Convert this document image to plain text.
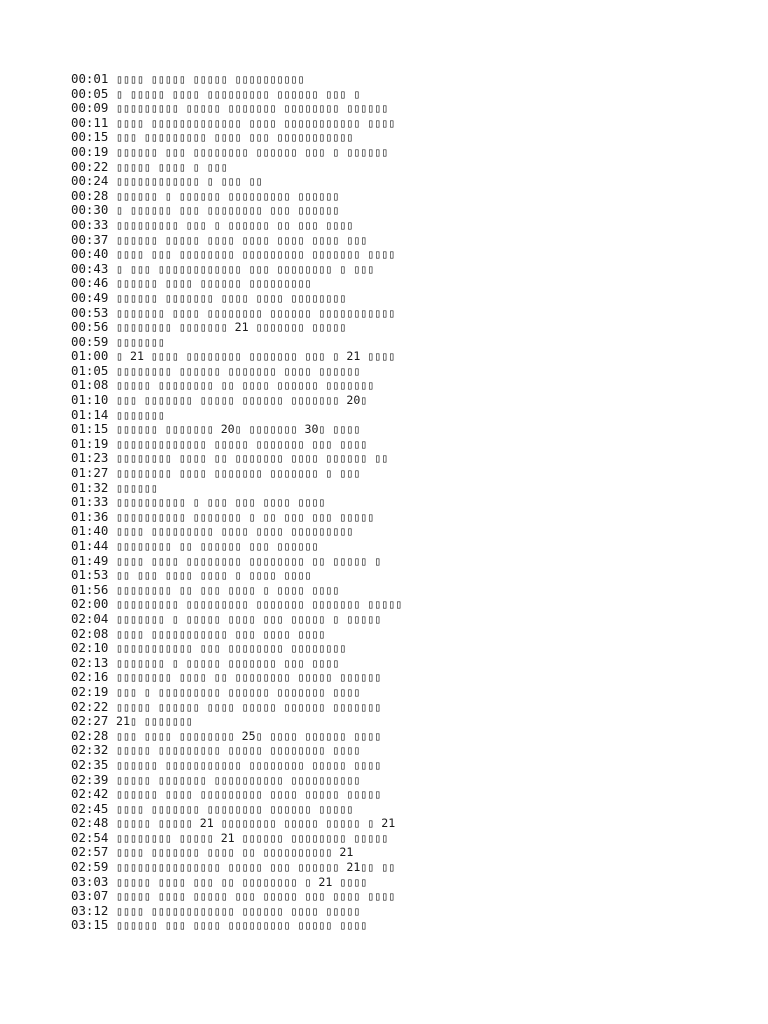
00:01 ▯▯▯▯ ▯▯▯▯▯ ▯▯▯▯▯ ▯▯▯▯▯▯▯▯▯▯
00:05 ▯ ▯▯▯▯▯ ▯▯▯▯ ▯▯▯▯▯▯▯▯▯ ▯▯▯▯▯▯ ▯▯▯ ▯
00:09 ▯▯▯▯▯▯▯▯▯ ▯▯▯▯▯ ▯▯▯▯▯▯▯ ▯▯▯▯▯▯▯▯ ▯▯▯▯▯▯
00:11 ▯▯▯▯ ▯▯▯▯▯▯▯▯▯▯▯▯▯ ▯▯▯▯ ▯▯▯▯▯▯▯▯▯▯▯ ▯▯▯▯
00:15 ▯▯▯ ▯▯▯▯▯▯▯▯▯ ▯▯▯▯ ▯▯▯ ▯▯▯▯▯▯▯▯▯▯▯
00:19 ▯▯▯▯▯▯ ▯▯▯ ▯▯▯▯▯▯▯▯ ▯▯▯▯▯▯ ▯▯▯ ▯ ▯▯▯▯▯▯
00:22 ▯▯▯▯▯ ▯▯▯▯ ▯ ▯▯▯
00:24 ▯▯▯▯▯▯▯▯▯▯▯▯ ▯ ▯▯▯ ▯▯
00:28 ▯▯▯▯▯▯ ▯ ▯▯▯▯▯▯ ▯▯▯▯▯▯▯▯▯ ▯▯▯▯▯▯
00:30 ▯ ▯▯▯▯▯▯ ▯▯▯ ▯▯▯▯▯▯▯▯ ▯▯▯ ▯▯▯▯▯▯
00:33 ▯▯▯▯▯▯▯▯▯ ▯▯▯ ▯ ▯▯▯▯▯▯ ▯▯ ▯▯▯ ▯▯▯▯
00:37 ▯▯▯▯▯▯ ▯▯▯▯▯ ▯▯▯▯ ▯▯▯▯ ▯▯▯▯ ▯▯▯▯ ▯▯▯
00:40 ▯▯▯▯ ▯▯▯ ▯▯▯▯▯▯▯▯ ▯▯▯▯▯▯▯▯▯ ▯▯▯▯▯▯▯ ▯▯▯▯
00:43 ▯ ▯▯▯ ▯▯▯▯▯▯▯▯▯▯▯▯ ▯▯▯ ▯▯▯▯▯▯▯▯ ▯ ▯▯▯
00:46 ▯▯▯▯▯▯ ▯▯▯▯ ▯▯▯▯▯▯ ▯▯▯▯▯▯▯▯▯
00:49 ▯▯▯▯▯▯ ▯▯▯▯▯▯▯ ▯▯▯▯ ▯▯▯▯ ▯▯▯▯▯▯▯▯
00:53 ▯▯▯▯▯▯▯ ▯▯▯▯ ▯▯▯▯▯▯▯▯ ▯▯▯▯▯▯ ▯▯▯▯▯▯▯▯▯▯▯
00:56 ▯▯▯▯▯▯▯▯ ▯▯▯▯▯▯▯ 21 ▯▯▯▯▯▯▯ ▯▯▯▯▯
00:59 ▯▯▯▯▯▯▯
01:00 ▯ 21 ▯▯▯▯ ▯▯▯▯▯▯▯▯ ▯▯▯▯▯▯▯ ▯▯▯ ▯ 21 ▯▯▯▯
01:05 ▯▯▯▯▯▯▯▯ ▯▯▯▯▯▯ ▯▯▯▯▯▯▯ ▯▯▯▯ ▯▯▯▯▯▯
01:08 ▯▯▯▯▯ ▯▯▯▯▯▯▯▯ ▯▯ ▯▯▯▯ ▯▯▯▯▯▯ ▯▯▯▯▯▯▯
01:10 ▯▯▯ ▯▯▯▯▯▯▯ ▯▯▯▯▯ ▯▯▯▯▯▯ ▯▯▯▯▯▯▯ 20▯
01:14 ▯▯▯▯▯▯▯
01:15 ▯▯▯▯▯▯ ▯▯▯▯▯▯▯ 20▯ ▯▯▯▯▯▯▯ 30▯ ▯▯▯▯
01:19 ▯▯▯▯▯▯▯▯▯▯▯▯▯ ▯▯▯▯▯ ▯▯▯▯▯▯▯ ▯▯▯ ▯▯▯▯
01:23 ▯▯▯▯▯▯▯▯ ▯▯▯▯ ▯▯ ▯▯▯▯▯▯▯ ▯▯▯▯ ▯▯▯▯▯▯ ▯▯
01:27 ▯▯▯▯▯▯▯▯ ▯▯▯▯ ▯▯▯▯▯▯▯ ▯▯▯▯▯▯▯ ▯ ▯▯▯
01:32 ▯▯▯▯▯▯
01:33 ▯▯▯▯▯▯▯▯▯▯ ▯ ▯▯▯ ▯▯▯ ▯▯▯▯ ▯▯▯▯
01:36 ▯▯▯▯▯▯▯▯▯▯ ▯▯▯▯▯▯▯ ▯ ▯▯ ▯▯▯ ▯▯▯ ▯▯▯▯▯
01:40 ▯▯▯▯ ▯▯▯▯▯▯▯▯▯ ▯▯▯▯ ▯▯▯▯ ▯▯▯▯▯▯▯▯▯
01:44 ▯▯▯▯▯▯▯▯ ▯▯ ▯▯▯▯▯▯ ▯▯▯ ▯▯▯▯▯▯
01:49 ▯▯▯▯ ▯▯▯▯ ▯▯▯▯▯▯▯▯ ▯▯▯▯▯▯▯▯ ▯▯ ▯▯▯▯▯ ▯
01:53 ▯▯ ▯▯▯ ▯▯▯▯ ▯▯▯▯ ▯ ▯▯▯▯ ▯▯▯▯
01:56 ▯▯▯▯▯▯▯▯ ▯▯ ▯▯▯ ▯▯▯▯ ▯ ▯▯▯▯ ▯▯▯▯
02:00 ▯▯▯▯▯▯▯▯▯ ▯▯▯▯▯▯▯▯▯ ▯▯▯▯▯▯▯ ▯▯▯▯▯▯▯ ▯▯▯▯▯
02:04 ▯▯▯▯▯▯▯ ▯ ▯▯▯▯▯ ▯▯▯▯ ▯▯▯ ▯▯▯▯▯ ▯ ▯▯▯▯▯
02:08 ▯▯▯▯ ▯▯▯▯▯▯▯▯▯▯▯ ▯▯▯ ▯▯▯▯ ▯▯▯▯
02:10 ▯▯▯▯▯▯▯▯▯▯▯ ▯▯▯ ▯▯▯▯▯▯▯▯ ▯▯▯▯▯▯▯▯
02:13 ▯▯▯▯▯▯▯ ▯ ▯▯▯▯▯ ▯▯▯▯▯▯▯ ▯▯▯ ▯▯▯▯
02:16 ▯▯▯▯▯▯▯▯ ▯▯▯▯ ▯▯ ▯▯▯▯▯▯▯▯ ▯▯▯▯▯ ▯▯▯▯▯▯
02:19 ▯▯▯ ▯ ▯▯▯▯▯▯▯▯▯ ▯▯▯▯▯▯ ▯▯▯▯▯▯▯ ▯▯▯▯
02:22 ▯▯▯▯▯ ▯▯▯▯▯▯ ▯▯▯▯ ▯▯▯▯▯ ▯▯▯▯▯▯ ▯▯▯▯▯▯▯
02:27 21▯ ▯▯▯▯▯▯▯
02:28 ▯▯▯ ▯▯▯▯ ▯▯▯▯▯▯▯▯ 25▯ ▯▯▯▯ ▯▯▯▯▯▯ ▯▯▯▯
02:32 ▯▯▯▯▯ ▯▯▯▯▯▯▯▯▯ ▯▯▯▯▯ ▯▯▯▯▯▯▯▯ ▯▯▯▯
02:35 ▯▯▯▯▯▯ ▯▯▯▯▯▯▯▯▯▯▯ ▯▯▯▯▯▯▯▯ ▯▯▯▯▯ ▯▯▯▯
02:39 ▯▯▯▯▯ ▯▯▯▯▯▯▯ ▯▯▯▯▯▯▯▯▯▯ ▯▯▯▯▯▯▯▯▯▯
02:42 ▯▯▯▯▯▯ ▯▯▯▯ ▯▯▯▯▯▯▯▯▯ ▯▯▯▯ ▯▯▯▯▯ ▯▯▯▯▯
02:45 ▯▯▯▯ ▯▯▯▯▯▯▯ ▯▯▯▯▯▯▯▯ ▯▯▯▯▯▯ ▯▯▯▯▯
02:48 ▯▯▯▯▯ ▯▯▯▯▯ 21 ▯▯▯▯▯▯▯▯ ▯▯▯▯▯ ▯▯▯▯▯ ▯ 21
02:54 ▯▯▯▯▯▯▯▯ ▯▯▯▯▯ 21 ▯▯▯▯▯▯ ▯▯▯▯▯▯▯▯ ▯▯▯▯▯
02:57 ▯▯▯▯ ▯▯▯▯▯▯▯ ▯▯▯▯ ▯▯ ▯▯▯▯▯▯▯▯▯▯ 21
02:59 ▯▯▯▯▯▯▯▯▯▯▯▯▯▯▯ ▯▯▯▯▯ ▯▯▯ ▯▯▯▯▯▯ 21▯▯ ▯▯
03:03 ▯▯▯▯▯ ▯▯▯▯ ▯▯▯ ▯▯ ▯▯▯▯▯▯▯▯ ▯ 21 ▯▯▯▯
03:07 ▯▯▯▯▯ ▯▯▯▯ ▯▯▯▯▯ ▯▯▯ ▯▯▯▯▯ ▯▯▯ ▯▯▯▯ ▯▯▯▯
03:12 ▯▯▯▯ ▯▯▯▯▯▯▯▯▯▯▯▯ ▯▯▯▯▯▯ ▯▯▯▯ ▯▯▯▯▯
03:15 ▯▯▯▯▯▯ ▯▯▯ ▯▯▯▯ ▯▯▯▯▯▯▯▯▯ ▯▯▯▯▯ ▯▯▯▯
